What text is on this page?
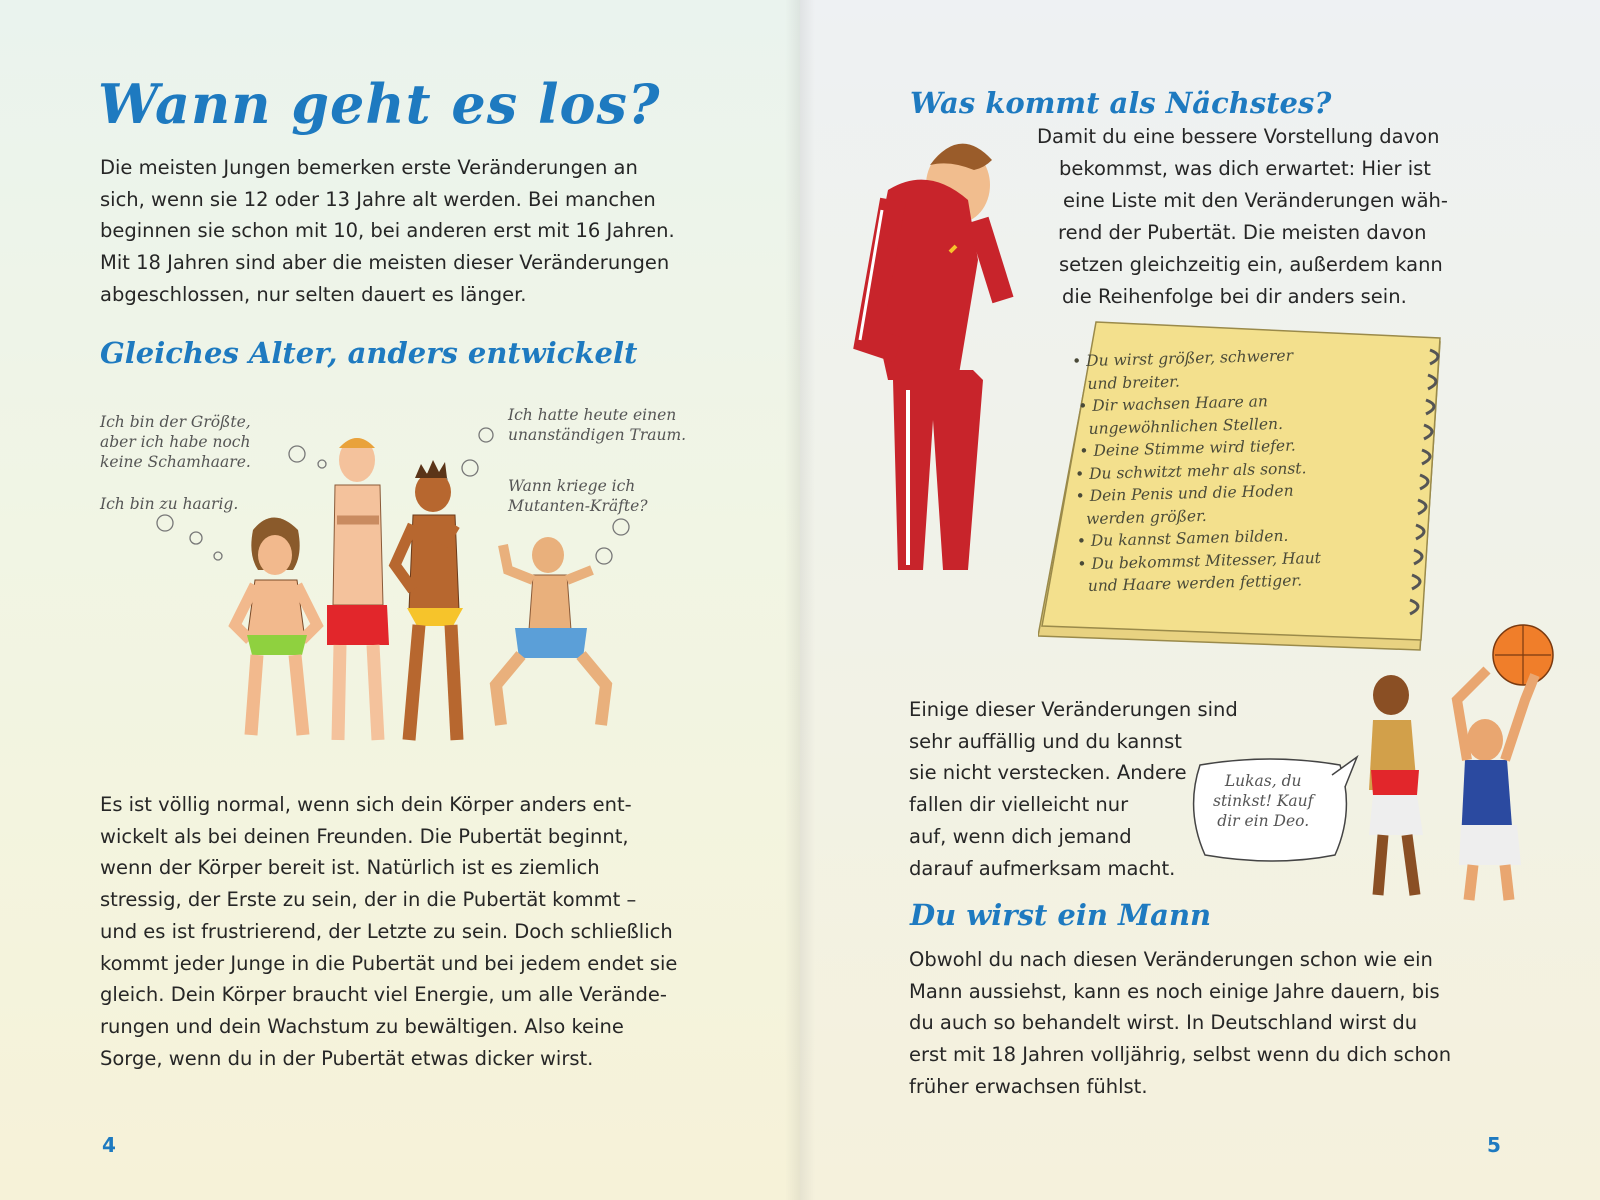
Wann geht es los?
Die meisten Jungen bemerken erste Veränderungen an
sich, wenn sie 12 oder 13 Jahre alt werden. Bei manchen
beginnen sie schon mit 10, bei anderen erst mit 16 Jahren.
Mit 18 Jahren sind aber die meisten dieser Veränderungen
abgeschlossen, nur selten dauert es länger.
Gleiches Alter, anders entwickelt
Ich bin der Größte,
aber ich habe noch
keine Schamhaare.
Ich bin zu haarig.
Ich hatte heute einen
unanständigen Traum.
Wann kriege ich
Mutanten-Kräfte?
Es ist völlig normal, wenn sich dein Körper anders ent-
wickelt als bei deinen Freunden. Die Pubertät beginnt,
wenn der Körper bereit ist. Natürlich ist es ziemlich
stressig, der Erste zu sein, der in die Pubertät kommt –
und es ist frustrierend, der Letzte zu sein. Doch schließlich
kommt jeder Junge in die Pubertät und bei jedem endet sie
gleich. Dein Körper braucht viel Energie, um alle Verände-
rungen und dein Wachstum zu bewältigen. Also keine
Sorge, wenn du in der Pubertät etwas dicker wirst.
4
Was kommt als Nächstes?
Damit du eine bessere Vorstellung davon
bekommst, was dich erwartet: Hier ist
eine Liste mit den Veränderungen wäh-
rend der Pubertät. Die meisten davon
setzen gleichzeitig ein, außerdem kann
die Reihenfolge bei dir anders sein.
• Du wirst größer, schwerer
und breiter.
• Dir wachsen Haare an
ungewöhnlichen Stellen.
• Deine Stimme wird tiefer.
• Du schwitzt mehr als sonst.
• Dein Penis und die Hoden
werden größer.
• Du kannst Samen bilden.
• Du bekommst Mitesser, Haut
und Haare werden fettiger.
Einige dieser Veränderungen sind
sehr auffällig und du kannst
sie nicht verstecken. Andere
fallen dir vielleicht nur
auf, wenn dich jemand
darauf aufmerksam macht.
Lukas, du
stinkst! Kauf
dir ein Deo.
Du wirst ein Mann
Obwohl du nach diesen Veränderungen schon wie ein
Mann aussiehst, kann es noch einige Jahre dauern, bis
du auch so behandelt wirst. In Deutschland wirst du
erst mit 18 Jahren volljährig, selbst wenn du dich schon
früher erwachsen fühlst.
5
